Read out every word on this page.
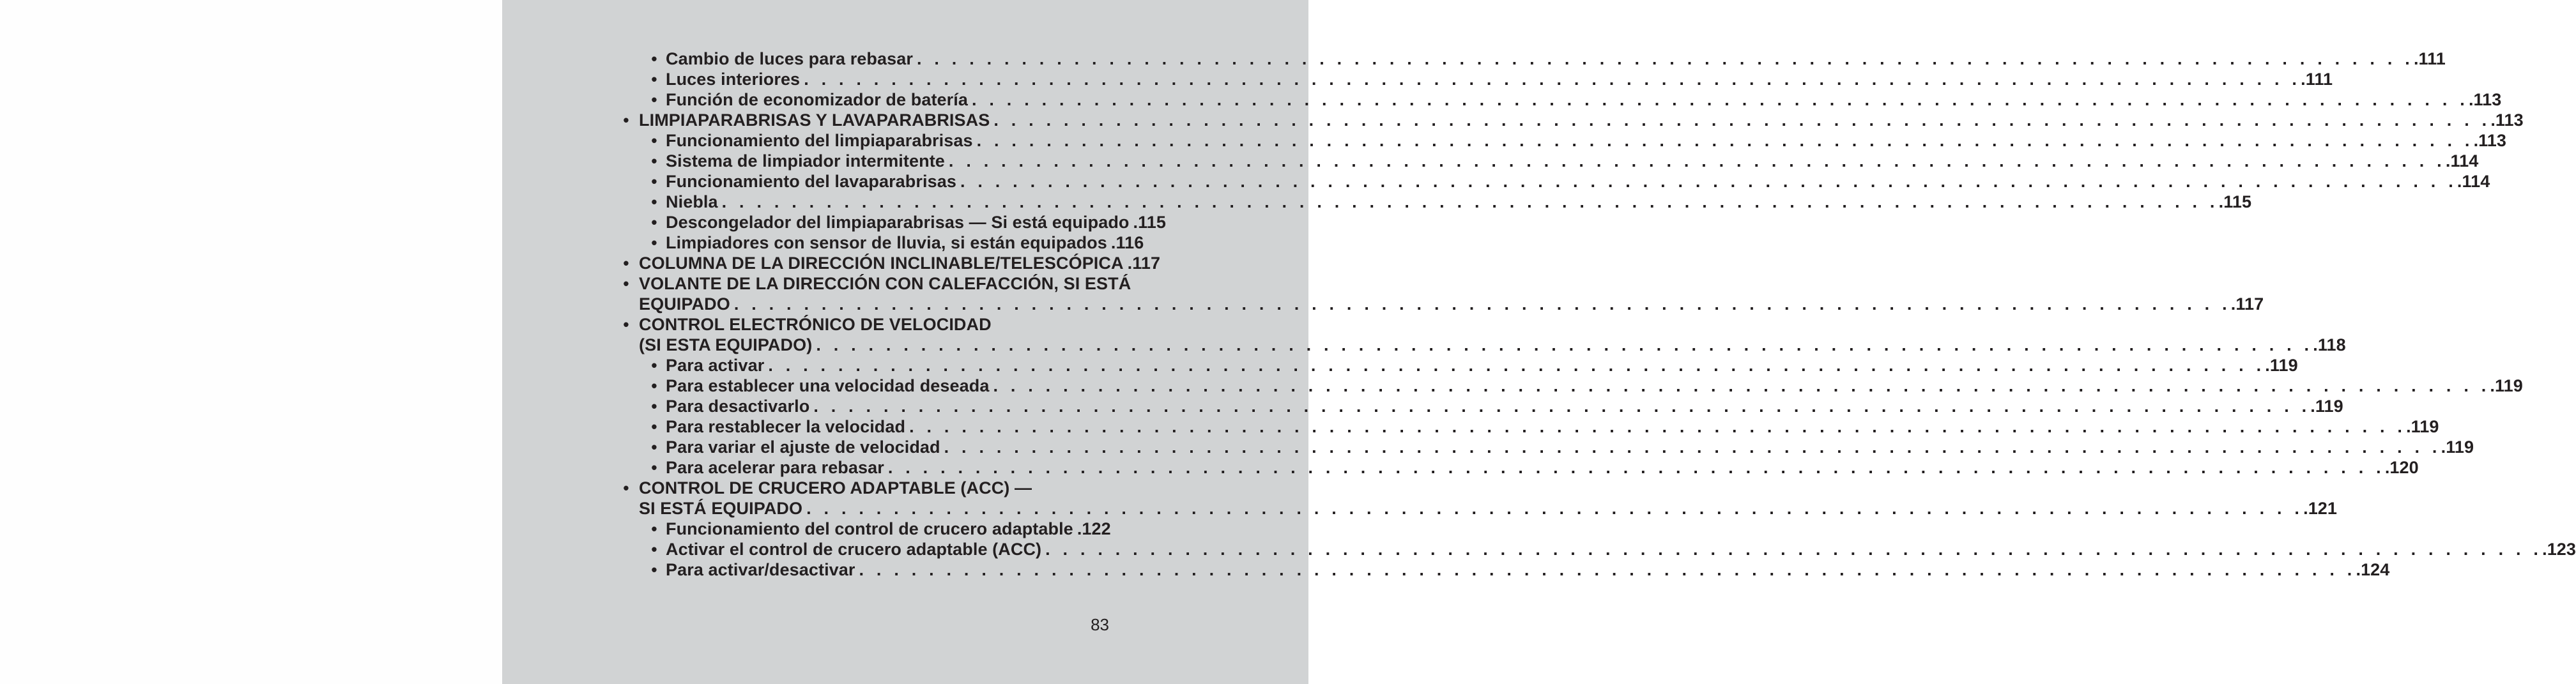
• Cambio de luces para rebasar . . . . . . . . . . . . . . . . . . . . . . . . . . . . . . . . . . . . . . . . . . . . . . . . . . . . . . . . . . . . . . . . . . . . . . . . . . . . . . . . . . . . . . .111
• Luces interiores . . . . . . . . . . . . . . . . . . . . . . . . . . . . . . . . . . . . . . . . . . . . . . . . . . . . . . . . . . . . . . . . . . . . . . . . . . . . . . . . . . . . . . .111
• Función de economizador de batería . . . . . . . . . . . . . . . . . . . . . . . . . . . . . . . . . . . . . . . . . . . . . . . . . . . . . . . . . . . . . . . . . . . . . . . . . . . . . . . . . . . . . . .113
• LIMPIAPARABRISAS Y LAVAPARABRISAS . . . . . . . . . . . . . . . . . . . . . . . . . . . . . . . . . . . . . . . . . . . . . . . . . . . . . . . . . . . . . . . . . . . . . . . . . . . . . . . . . . . . . . .113
• Funcionamiento del limpiaparabrisas . . . . . . . . . . . . . . . . . . . . . . . . . . . . . . . . . . . . . . . . . . . . . . . . . . . . . . . . . . . . . . . . . . . . . . . . . . . . . . . . . . . . . . .113
• Sistema de limpiador intermitente . . . . . . . . . . . . . . . . . . . . . . . . . . . . . . . . . . . . . . . . . . . . . . . . . . . . . . . . . . . . . . . . . . . . . . . . . . . . . . . . . . . . . . .114
• Funcionamiento del lavaparabrisas . . . . . . . . . . . . . . . . . . . . . . . . . . . . . . . . . . . . . . . . . . . . . . . . . . . . . . . . . . . . . . . . . . . . . . . . . . . . . . . . . . . . . . .114
• Niebla . . . . . . . . . . . . . . . . . . . . . . . . . . . . . . . . . . . . . . . . . . . . . . . . . . . . . . . . . . . . . . . . . . . . . . . . . . . . . . . . . . . . . . .115
• Descongelador del limpiaparabrisas — Si está equipado .115
• Limpiadores con sensor de lluvia, si están equipados .116
• COLUMNA DE LA DIRECCIÓN INCLINABLE/TELESCÓPICA .117
• VOLANTE DE LA DIRECCIÓN CON CALEFACCIÓN, SI ESTÁ
EQUIPADO . . . . . . . . . . . . . . . . . . . . . . . . . . . . . . . . . . . . . . . . . . . . . . . . . . . . . . . . . . . . . . . . . . . . . . . . . . . . . . . . . . . . . . .117
• CONTROL ELECTRÓNICO DE VELOCIDAD
(SI ESTA EQUIPADO) . . . . . . . . . . . . . . . . . . . . . . . . . . . . . . . . . . . . . . . . . . . . . . . . . . . . . . . . . . . . . . . . . . . . . . . . . . . . . . . . . . . . . . .118
• Para activar . . . . . . . . . . . . . . . . . . . . . . . . . . . . . . . . . . . . . . . . . . . . . . . . . . . . . . . . . . . . . . . . . . . . . . . . . . . . . . . . . . . . . . .119
• Para establecer una velocidad deseada . . . . . . . . . . . . . . . . . . . . . . . . . . . . . . . . . . . . . . . . . . . . . . . . . . . . . . . . . . . . . . . . . . . . . . . . . . . . . . . . . . . . . . .119
• Para desactivarlo . . . . . . . . . . . . . . . . . . . . . . . . . . . . . . . . . . . . . . . . . . . . . . . . . . . . . . . . . . . . . . . . . . . . . . . . . . . . . . . . . . . . . . .119
• Para restablecer la velocidad . . . . . . . . . . . . . . . . . . . . . . . . . . . . . . . . . . . . . . . . . . . . . . . . . . . . . . . . . . . . . . . . . . . . . . . . . . . . . . . . . . . . . . .119
• Para variar el ajuste de velocidad . . . . . . . . . . . . . . . . . . . . . . . . . . . . . . . . . . . . . . . . . . . . . . . . . . . . . . . . . . . . . . . . . . . . . . . . . . . . . . . . . . . . . . .119
• Para acelerar para rebasar . . . . . . . . . . . . . . . . . . . . . . . . . . . . . . . . . . . . . . . . . . . . . . . . . . . . . . . . . . . . . . . . . . . . . . . . . . . . . . . . . . . . . . .120
• CONTROL DE CRUCERO ADAPTABLE (ACC) —
SI ESTÁ EQUIPADO . . . . . . . . . . . . . . . . . . . . . . . . . . . . . . . . . . . . . . . . . . . . . . . . . . . . . . . . . . . . . . . . . . . . . . . . . . . . . . . . . . . . . . .121
• Funcionamiento del control de crucero adaptable .122
• Activar el control de crucero adaptable (ACC) . . . . . . . . . . . . . . . . . . . . . . . . . . . . . . . . . . . . . . . . . . . . . . . . . . . . . . . . . . . . . . . . . . . . . . . . . . . . . . . . . . . . . . .123
• Para activar/desactivar . . . . . . . . . . . . . . . . . . . . . . . . . . . . . . . . . . . . . . . . . . . . . . . . . . . . . . . . . . . . . . . . . . . . . . . . . . . . . . . . . . . . . . .124
83
